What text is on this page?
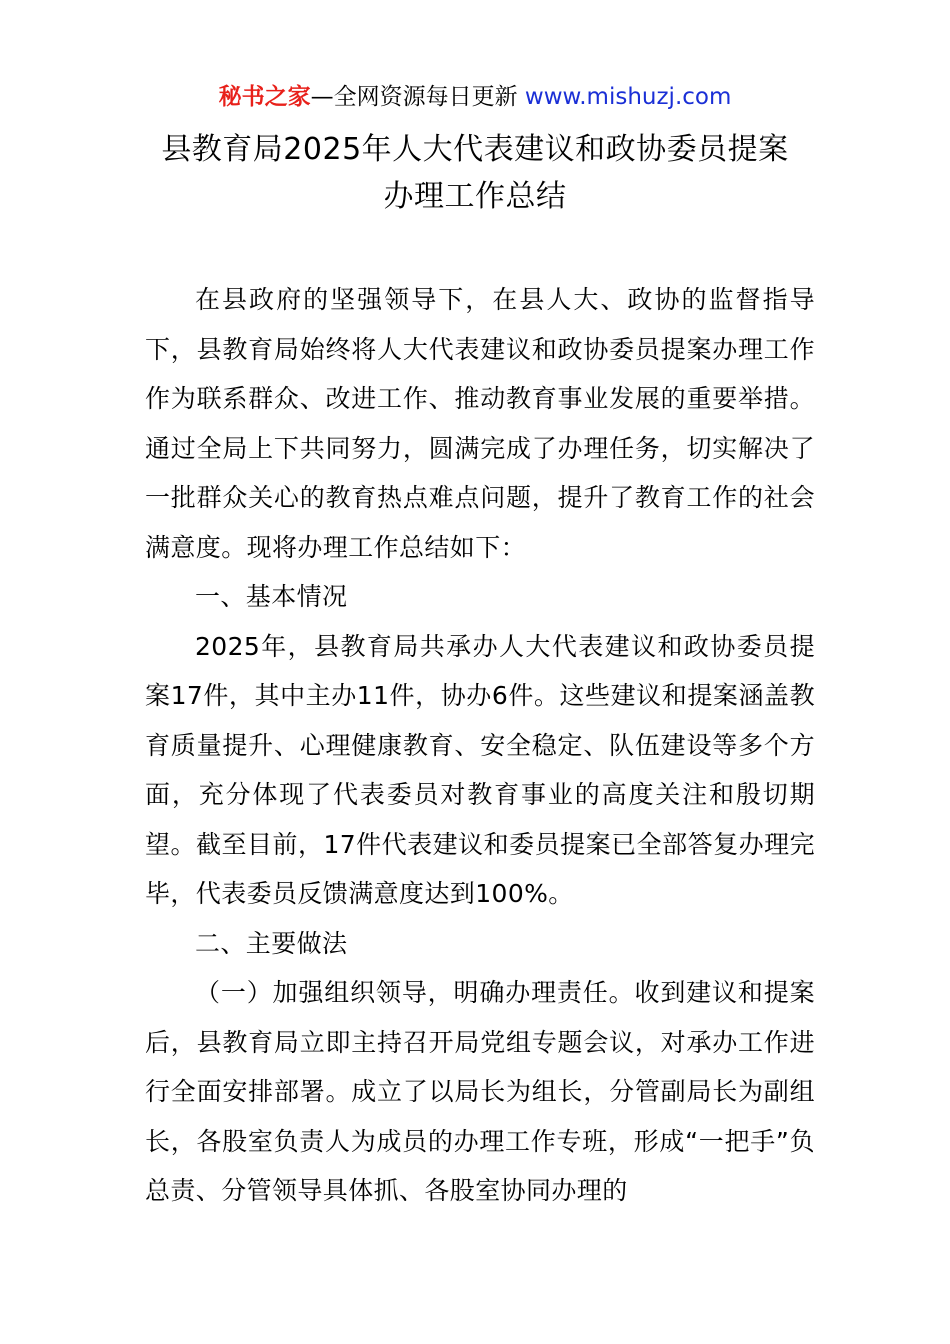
秘书之家—全网资源每日更新 www.mishuzj.com
县教育局2025年人大代表建议和政协委员提案
办理工作总结

在县政府的坚强领导下，在县人大、政协的监督指导下，县教育局始终将人大代表建议和政协委员提案办理工作作为联系群众、改进工作、推动教育事业发展的重要举措。通过全局上下共同努力，圆满完成了办理任务，切实解决了一批群众关心的教育热点难点问题，提升了教育工作的社会满意度。现将办理工作总结如下：

一、基本情况

2025年，县教育局共承办人大代表建议和政协委员提案17件，其中主办11件，协办6件。这些建议和提案涵盖教育质量提升、心理健康教育、安全稳定、队伍建设等多个方面，充分体现了代表委员对教育事业的高度关注和殷切期望。截至目前，17件代表建议和委员提案已全部答复办理完毕，代表委员反馈满意度达到100%。

二、主要做法

（一）加强组织领导，明确办理责任。收到建议和提案后，县教育局立即主持召开局党组专题会议，对承办工作进行全面安排部署。成立了以局长为组长，分管副局长为副组长，各股室负责人为成员的办理工作专班，形成“一把手”负总责、分管领导具体抓、各股室协同办理的
